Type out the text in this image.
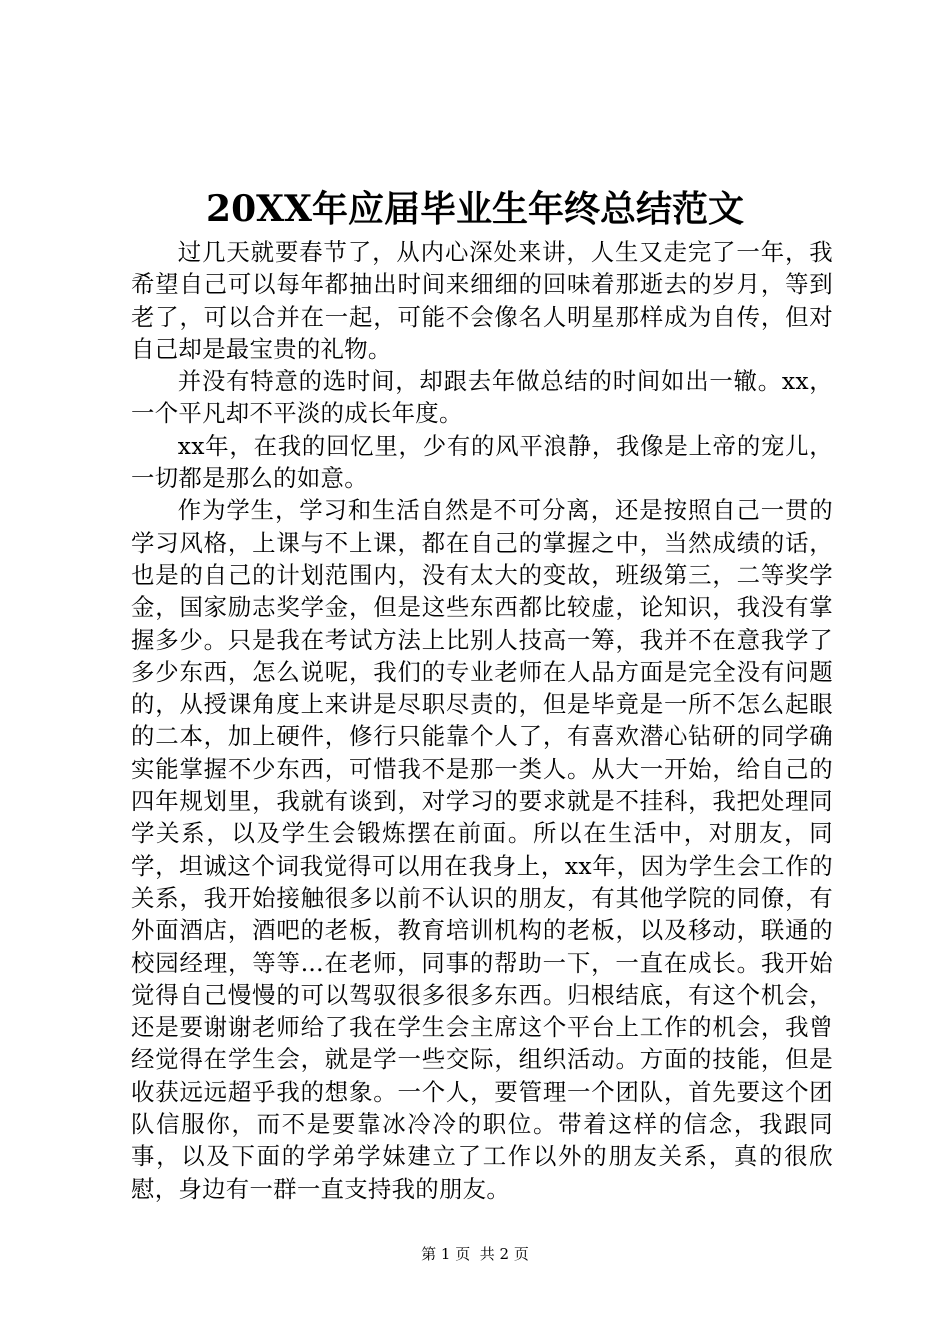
20XX年应届毕业生年终总结范文

过几天就要春节了，从内心深处来讲，人生又走完了一年，我希望自己可以每年都抽出时间来细细的回味着那逝去的岁月，等到老了，可以合并在一起，可能不会像名人明星那样成为自传，但对自己却是最宝贵的礼物。

并没有特意的选时间，却跟去年做总结的时间如出一辙。xx，一个平凡却不平淡的成长年度。

xx年，在我的回忆里，少有的风平浪静，我像是上帝的宠儿，一切都是那么的如意。

作为学生，学习和生活自然是不可分离，还是按照自己一贯的学习风格，上课与不上课，都在自己的掌握之中，当然成绩的话，也是的自己的计划范围内，没有太大的变故，班级第三，二等奖学金，国家励志奖学金，但是这些东西都比较虚，论知识，我没有掌握多少。只是我在考试方法上比别人技高一筹，我并不在意我学了多少东西，怎么说呢，我们的专业老师在人品方面是完全没有问题的，从授课角度上来讲是尽职尽责的，但是毕竟是一所不怎么起眼的二本，加上硬件，修行只能靠个人了，有喜欢潜心钻研的同学确实能掌握不少东西，可惜我不是那一类人。从大一开始，给自己的四年规划里，我就有谈到，对学习的要求就是不挂科，我把处理同学关系，以及学生会锻炼摆在前面。所以在生活中，对朋友，同学，坦诚这个词我觉得可以用在我身上，xx年，因为学生会工作的关系，我开始接触很多以前不认识的朋友，有其他学院的同僚，有外面酒店，酒吧的老板，教育培训机构的老板，以及移动，联通的校园经理，等等...在老师，同事的帮助一下，一直在成长。我开始觉得自己慢慢的可以驾驭很多很多东西。归根结底，有这个机会，还是要谢谢老师给了我在学生会主席这个平台上工作的机会，我曾经觉得在学生会，就是学一些交际，组织活动。方面的技能，但是收获远远超乎我的想象。一个人，要管理一个团队，首先要这个团队信服你，而不是要靠冰冷冷的职位。带着这样的信念，我跟同事，以及下面的学弟学妹建立了工作以外的朋友关系，真的很欣慰，身边有一群一直支持我的朋友。

第 1 页  共 2 页
